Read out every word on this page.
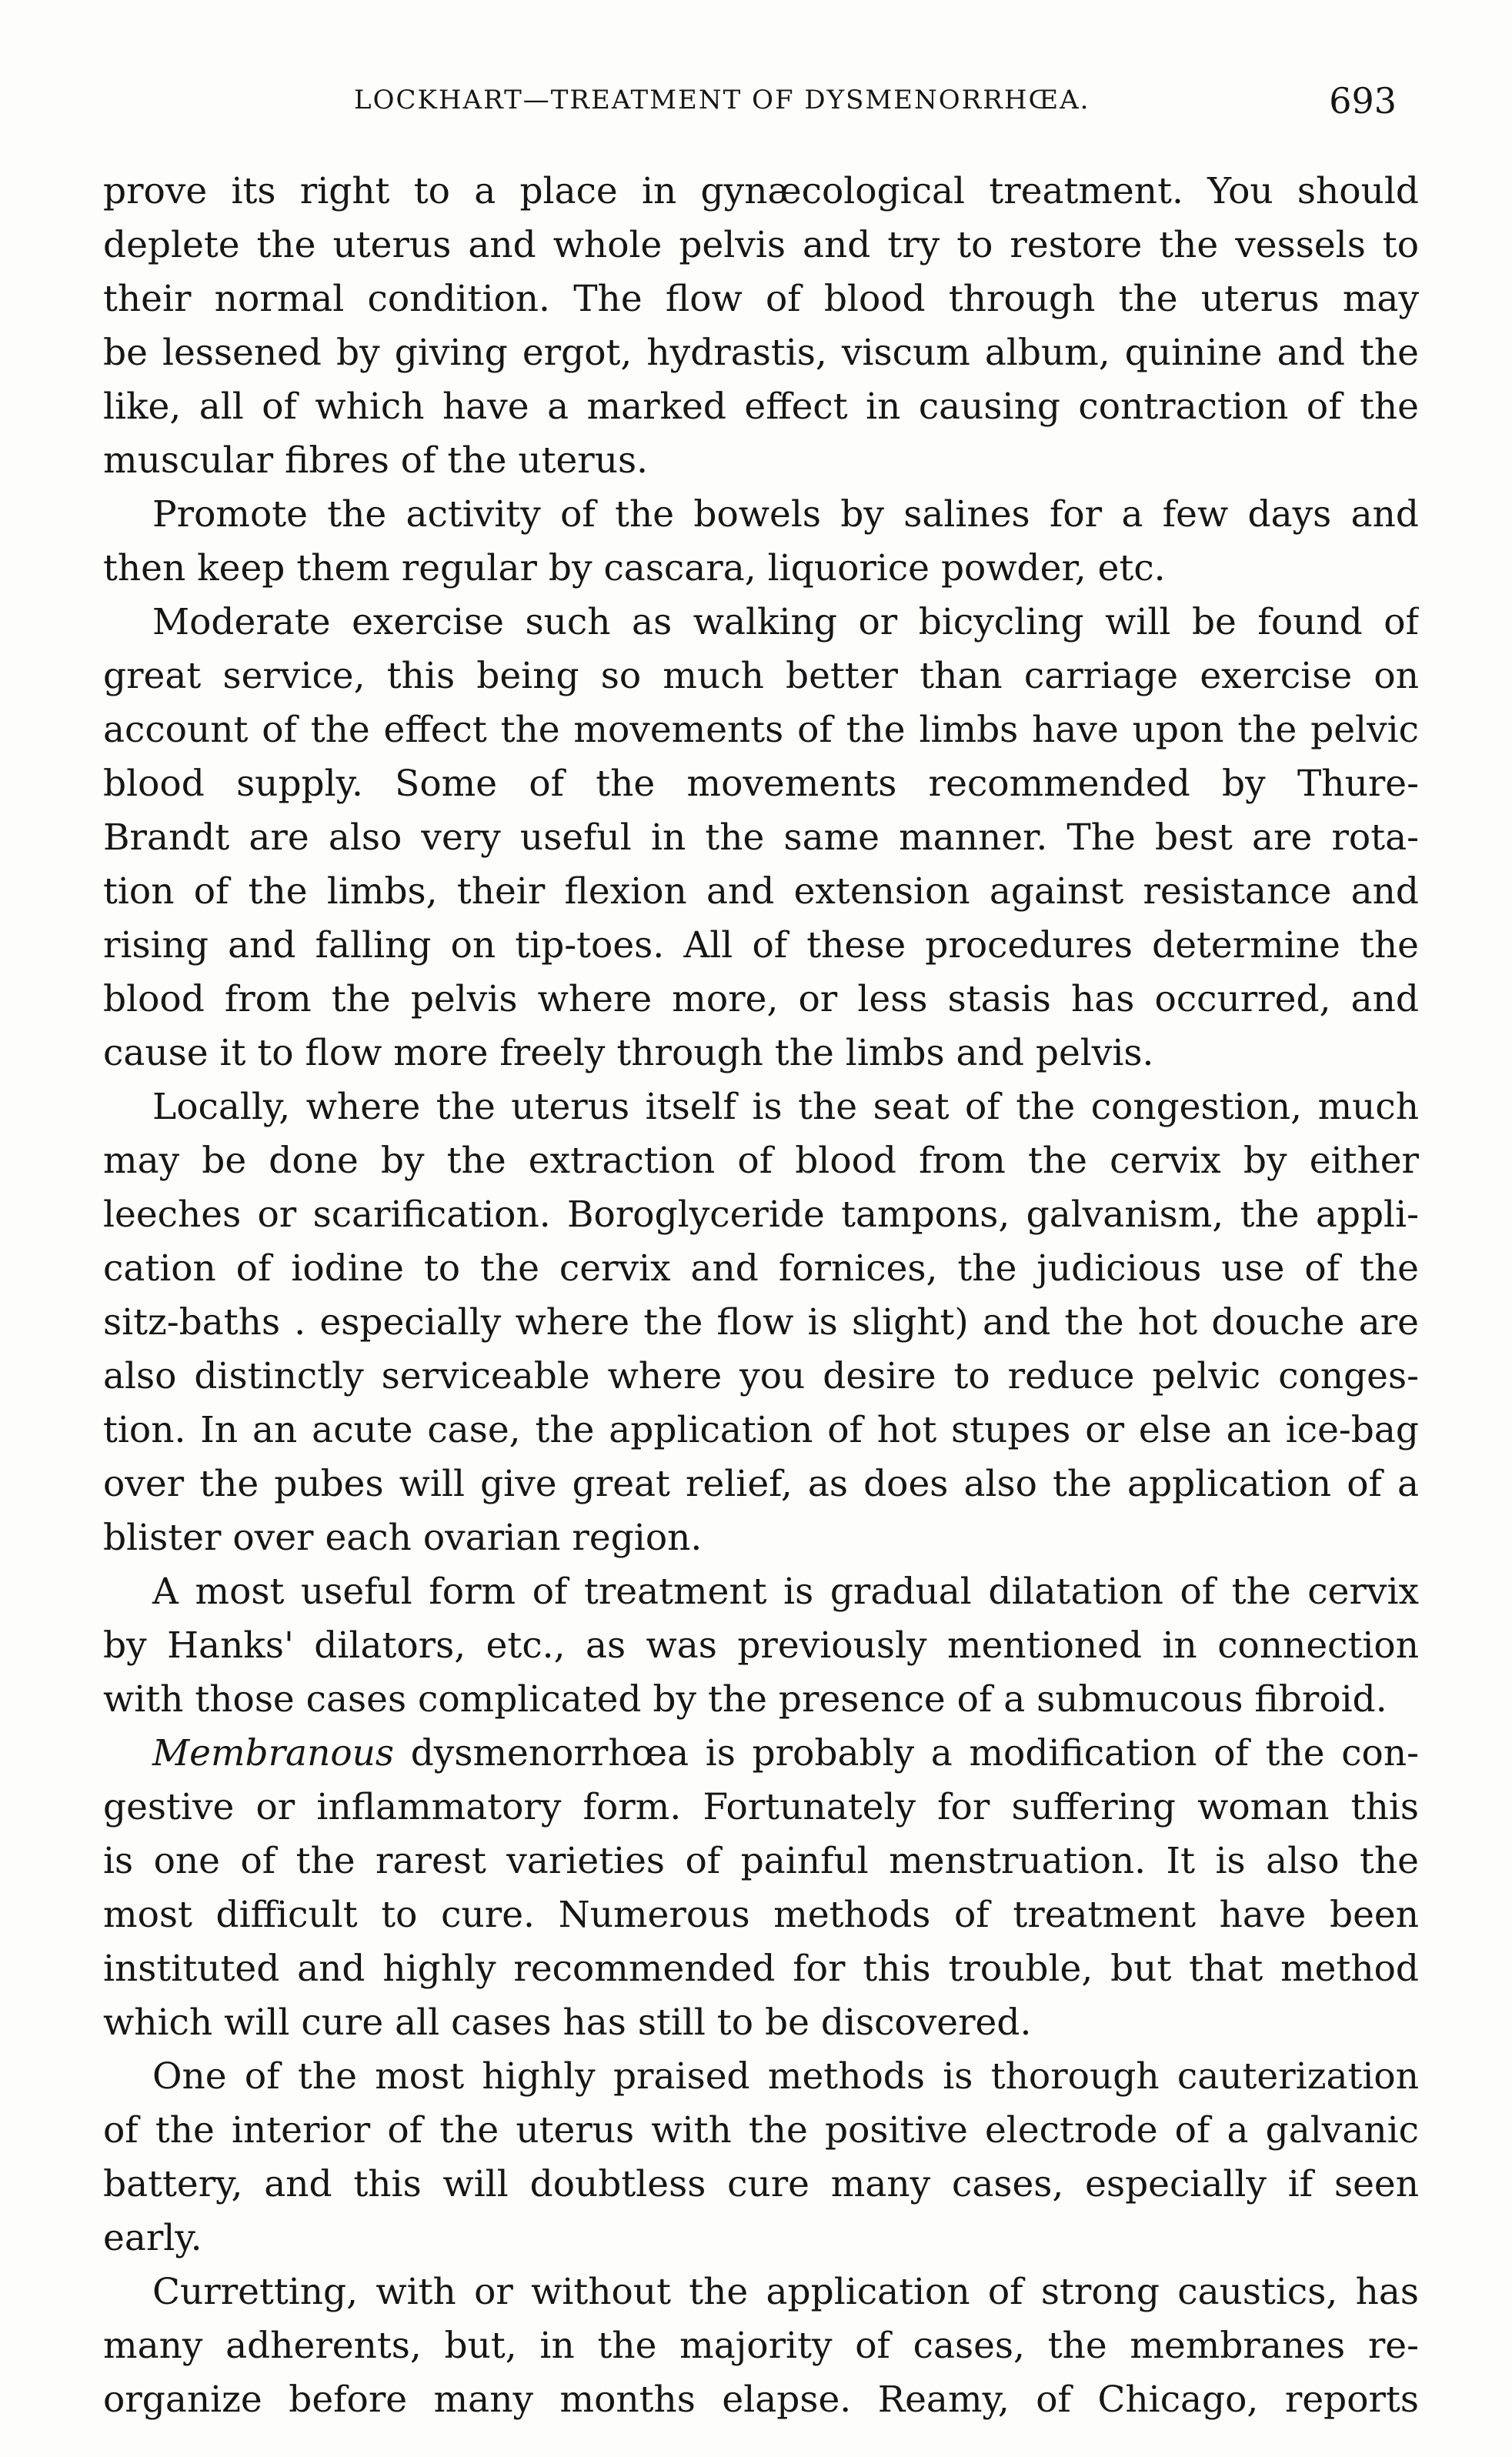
LOCKHART—TREATMENT OF DYSMENORRHŒA.	693

prove its right to a place in gynæcological treatment. You should
deplete the uterus and whole pelvis and try to restore the vessels to
their normal condition. The flow of blood through the uterus may
be lessened by giving ergot, hydrastis, viscum album, quinine and the
like, all of which have a marked effect in causing contraction of the
muscular fibres of the uterus.

Promote the activity of the bowels by salines for a few days and
then keep them regular by cascara, liquorice powder, etc.

Moderate exercise such as walking or bicycling will be found of
great service, this being so much better than carriage exercise on
account of the effect the movements of the limbs have upon the pelvic
blood supply. Some of the movements recommended by Thure-
Brandt are also very useful in the same manner. The best are rota-
tion of the limbs, their flexion and extension against resistance and
rising and falling on tip-toes. All of these procedures determine the
blood from the pelvis where more, or less stasis has occurred, and
cause it to flow more freely through the limbs and pelvis.

Locally, where the uterus itself is the seat of the congestion, much
may be done by the extraction of blood from the cervix by either
leeches or scarification. Boroglyceride tampons, galvanism, the appli-
cation of iodine to the cervix and fornices, the judicious use of the
sitz-baths . especially where the flow is slight) and the hot douche are
also distinctly serviceable where you desire to reduce pelvic conges-
tion. In an acute case, the application of hot stupes or else an ice-bag
over the pubes will give great relief, as does also the application of a
blister over each ovarian region.

A most useful form of treatment is gradual dilatation of the cervix
by Hanks' dilators, etc., as was previously mentioned in connection
with those cases complicated by the presence of a submucous fibroid.

Membranous dysmenorrhœa is probably a modification of the con-
gestive or inflammatory form. Fortunately for suffering woman this
is one of the rarest varieties of painful menstruation. It is also the
most difficult to cure. Numerous methods of treatment have been
instituted and highly recommended for this trouble, but that method
which will cure all cases has still to be discovered.

One of the most highly praised methods is thorough cauterization
of the interior of the uterus with the positive electrode of a galvanic
battery, and this will doubtless cure many cases, especially if seen
early.

Curretting, with or without the application of strong caustics, has
many adherents, but, in the majority of cases, the membranes re-
organize before many months elapse. Reamy, of Chicago, reports
